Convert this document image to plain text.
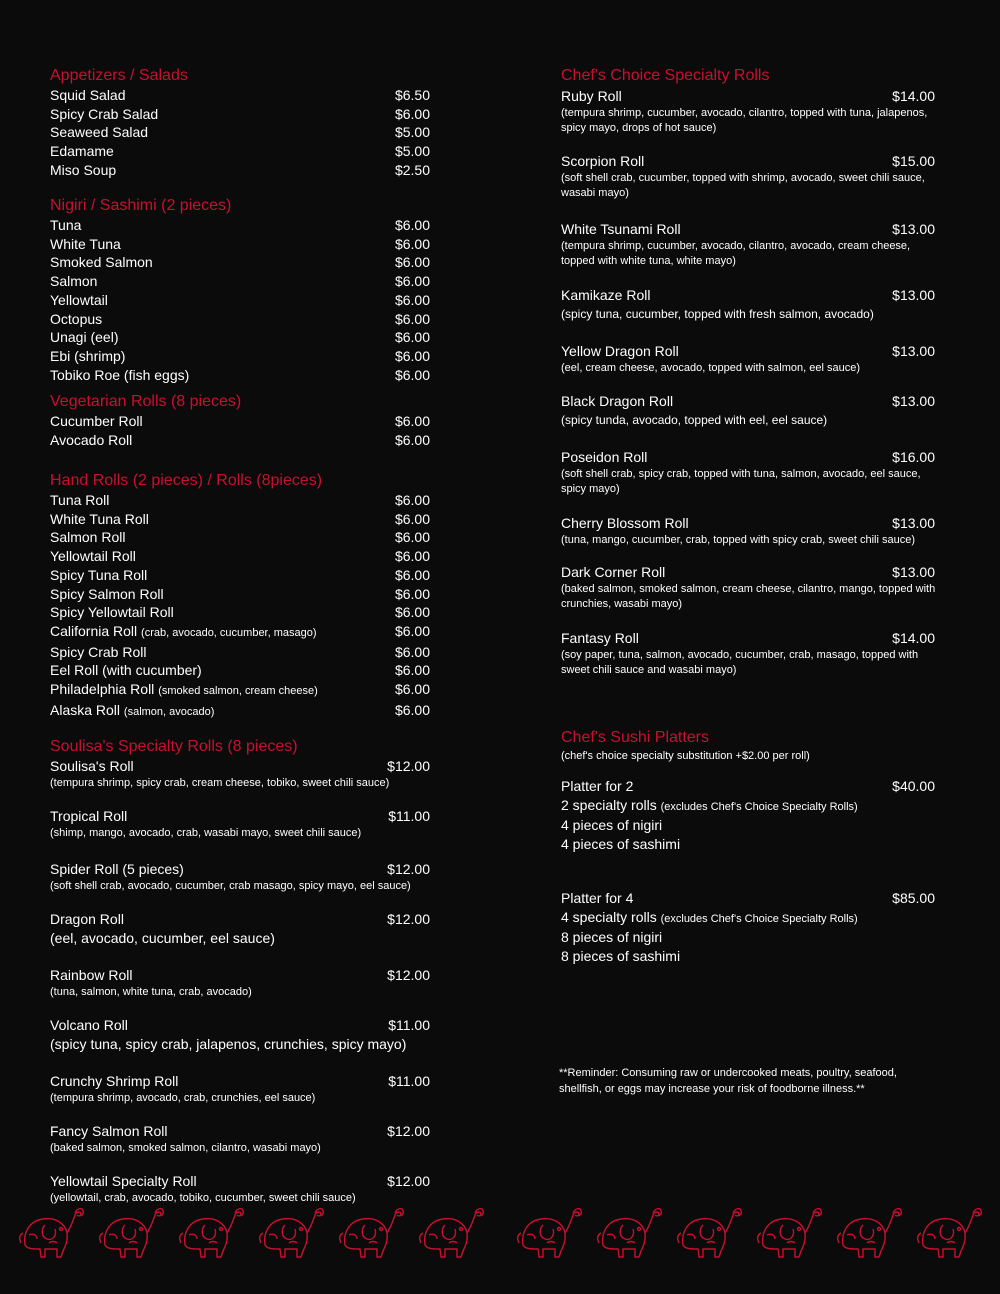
Appetizers / Salads
Squid Salad	$6.50
Spicy Crab Salad	$6.00
Seaweed Salad	$5.00
Edamame	$5.00
Miso Soup	$2.50
Nigiri / Sashimi (2 pieces)
Tuna	$6.00
White Tuna	$6.00
Smoked Salmon	$6.00
Salmon	$6.00
Yellowtail	$6.00
Octopus	$6.00
Unagi (eel)	$6.00
Ebi (shrimp)	$6.00
Tobiko Roe (fish eggs)	$6.00
Vegetarian Rolls (8 pieces)
Cucumber Roll	$6.00
Avocado Roll	$6.00
Hand Rolls (2 pieces) / Rolls (8pieces)
Tuna Roll	$6.00
White Tuna Roll	$6.00
Salmon Roll	$6.00
Yellowtail Roll	$6.00
Spicy Tuna Roll	$6.00
Spicy Salmon Roll	$6.00
Spicy Yellowtail Roll	$6.00
California Roll (crab, avocado, cucumber, masago)	$6.00
Spicy Crab Roll	$6.00
Eel Roll (with cucumber)	$6.00
Philadelphia Roll (smoked salmon, cream cheese)	$6.00
Alaska Roll (salmon, avocado)	$6.00
Soulisa's Specialty Rolls (8 pieces)
Soulisa's Roll	$12.00
(tempura shrimp, spicy crab, cream cheese, tobiko, sweet chili sauce)
Tropical Roll	$11.00
(shimp, mango, avocado, crab, wasabi mayo, sweet chili sauce)
Spider Roll (5 pieces)	$12.00
(soft shell crab, avocado, cucumber, crab masago, spicy mayo, eel sauce)
Dragon Roll	$12.00
(eel, avocado, cucumber, eel sauce)
Rainbow Roll	$12.00
(tuna, salmon, white tuna, crab, avocado)
Volcano Roll	$11.00
(spicy tuna, spicy crab, jalapenos, crunchies, spicy mayo)
Crunchy Shrimp Roll	$11.00
(tempura shrimp, avocado, crab, crunchies, eel sauce)
Fancy Salmon Roll	$12.00
(baked salmon, smoked salmon, cilantro, wasabi mayo)
Yellowtail Specialty Roll	$12.00
(yellowtail, crab, avocado, tobiko, cucumber, sweet chili sauce)
Chef's Choice Specialty Rolls
Ruby Roll	$14.00
(tempura shrimp, cucumber, avocado, cilantro, topped with tuna, jalapenos, spicy mayo, drops of hot sauce)
Scorpion Roll	$15.00
(soft shell crab, cucumber, topped with shrimp, avocado, sweet chili sauce, wasabi mayo)
White Tsunami Roll	$13.00
(tempura shrimp, cucumber, avocado, cilantro, avocado, cream cheese, topped with white tuna, white mayo)
Kamikaze Roll	$13.00
(spicy tuna, cucumber, topped with fresh salmon, avocado)
Yellow Dragon Roll	$13.00
(eel, cream cheese, avocado, topped with salmon, eel sauce)
Black Dragon Roll	$13.00
(spicy tunda, avocado, topped with eel, eel sauce)
Poseidon Roll	$16.00
(soft shell crab, spicy crab, topped with tuna, salmon, avocado, eel sauce, spicy mayo)
Cherry Blossom Roll	$13.00
(tuna, mango, cucumber, crab, topped with spicy crab, sweet chili sauce)
Dark Corner Roll	$13.00
(baked salmon, smoked salmon, cream cheese, cilantro, mango, topped with crunchies, wasabi mayo)
Fantasy Roll	$14.00
(soy paper, tuna, salmon, avocado, cucumber, crab, masago, topped with sweet chili sauce and wasabi mayo)
Chef's Sushi Platters
(chef's choice specialty substitution +$2.00 per roll)
Platter for 2	$40.00
2 specialty rolls (excludes Chef's Choice Specialty Rolls)
4 pieces of nigiri
4 pieces of sashimi
Platter for 4	$85.00
4 specialty rolls (excludes Chef's Choice Specialty Rolls)
8 pieces of nigiri
8 pieces of sashimi
**Reminder: Consuming raw or undercooked meats, poultry, seafood,
shellfish, or eggs may increase your risk of foodborne illness.**
